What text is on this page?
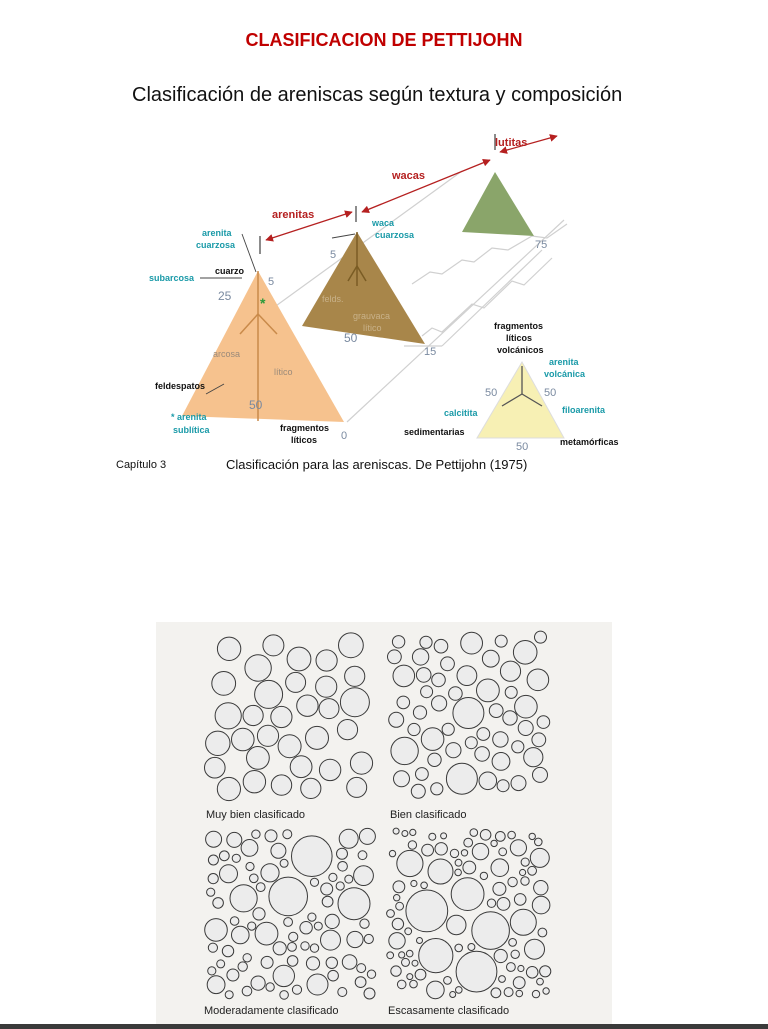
CLASIFICACION DE PETTIJOHN
Clasificación de areniscas según textura y composición
lutitas
wacas
arenitas
arenita
cuarzosa
waca
cuarzosa
subarcosa
cuarzo
5
5
25 *	felds.
grauvaca
lítico
50
arcosa
lítico
feldespatos
50
* arenita
sublítica	fragmentos
líticos 0
15
75
fragmentos
líticos
volcánicos
arenita
volcánica
50	50
calcitita	filoarenita
sedimentarias
metamórficas
50
Capítulo 3	Clasificación para las areniscas. De Pettijohn (1975)
Muy bien clasificado	Bien clasificado
Moderadamente clasificado	Escasamente clasificado
